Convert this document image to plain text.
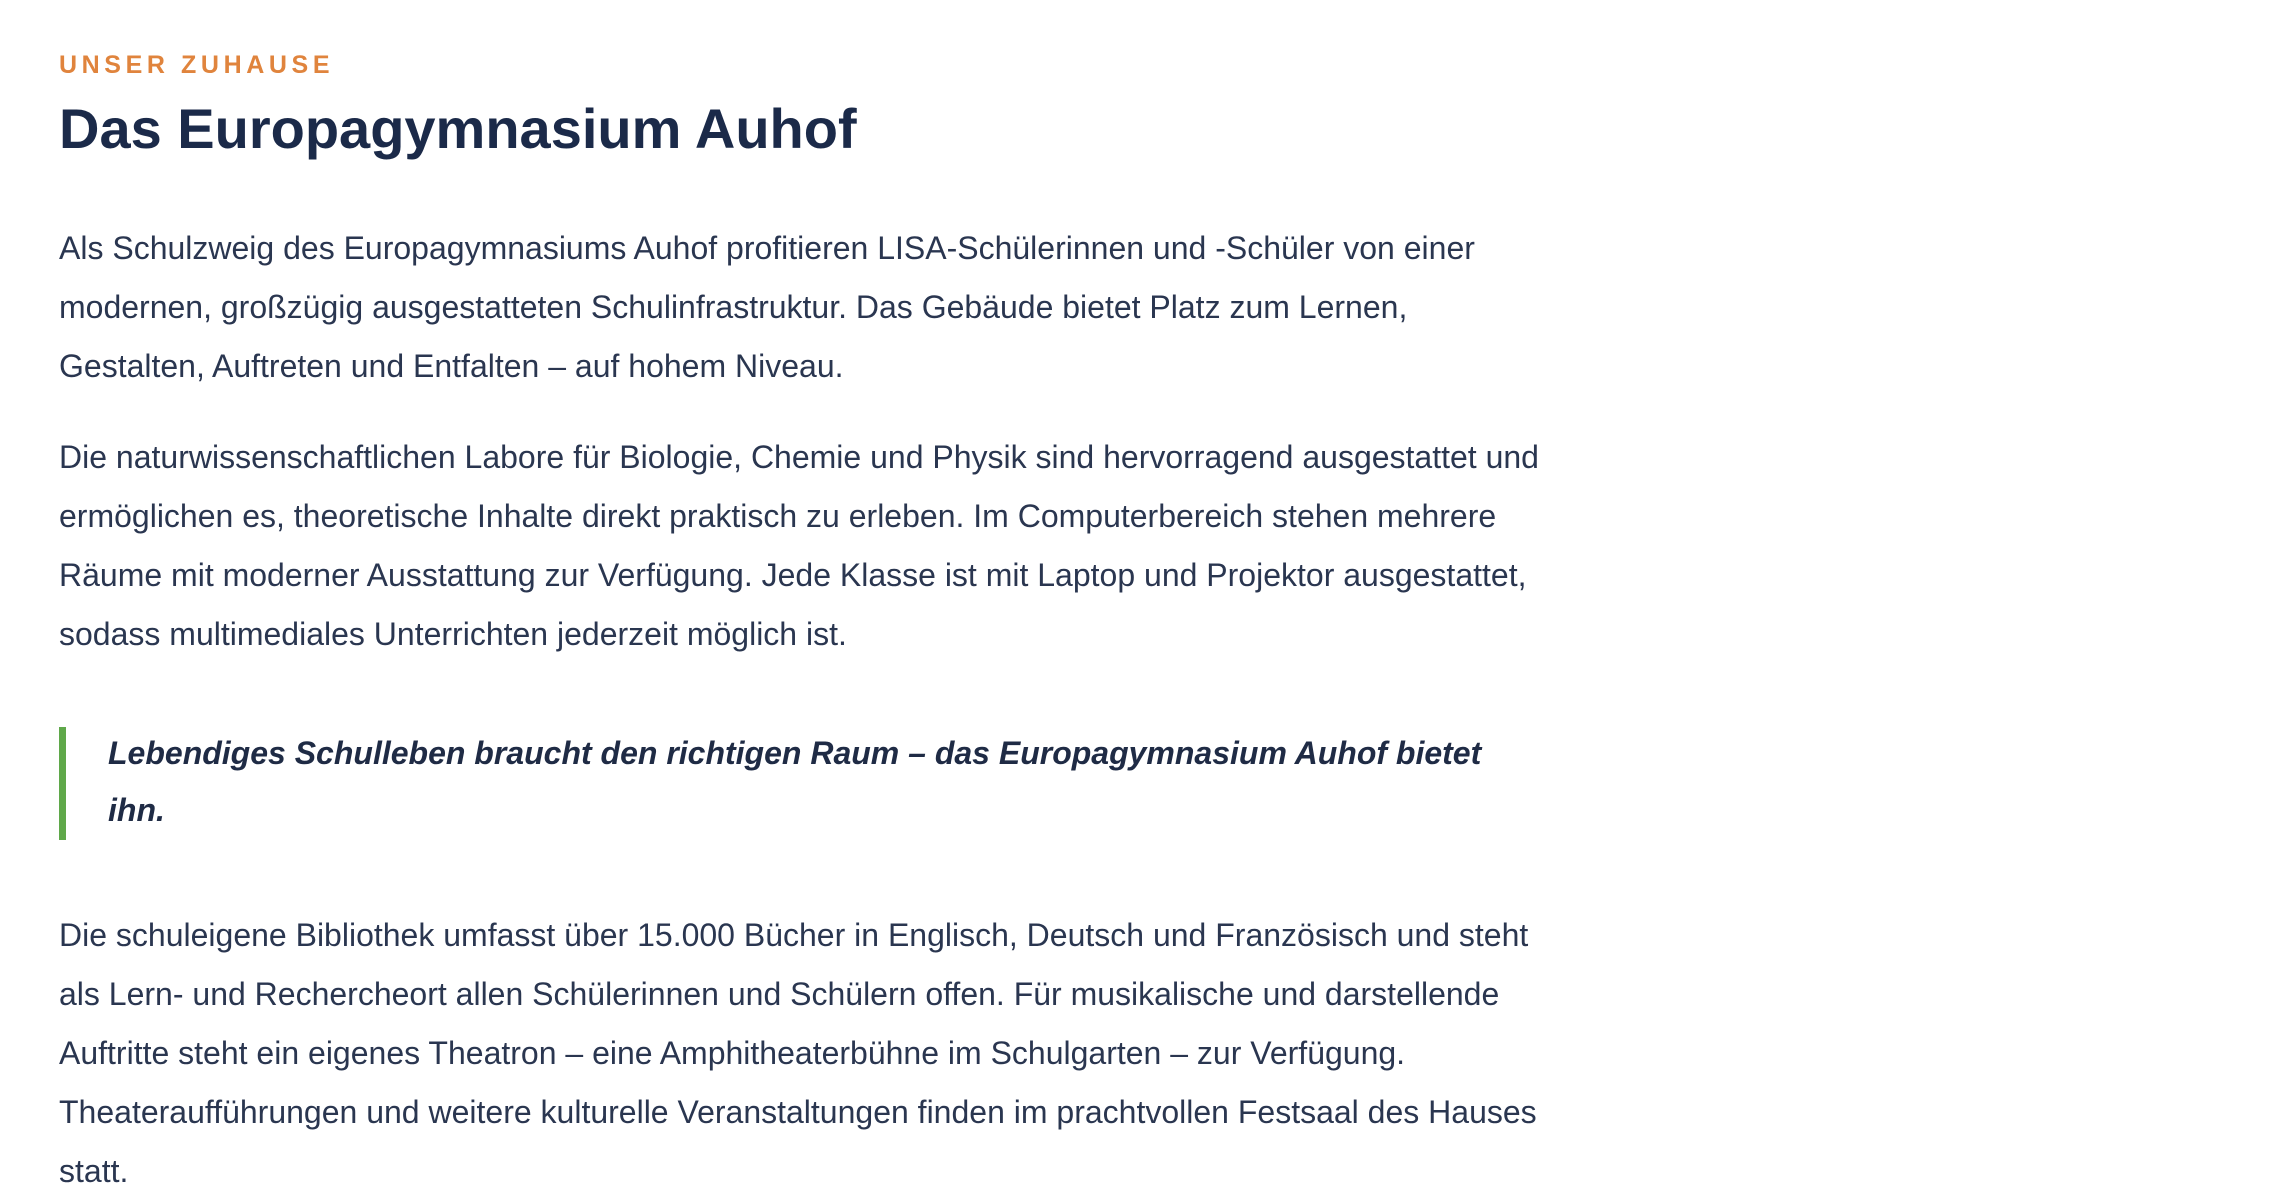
UNSER ZUHAUSE
Das Europagymnasium Auhof

Als Schulzweig des Europagymnasiums Auhof profitieren LISA-Schülerinnen und -Schüler von einer
modernen, großzügig ausgestatteten Schulinfrastruktur. Das Gebäude bietet Platz zum Lernen,
Gestalten, Auftreten und Entfalten – auf hohem Niveau.

Die naturwissenschaftlichen Labore für Biologie, Chemie und Physik sind hervorragend ausgestattet und
ermöglichen es, theoretische Inhalte direkt praktisch zu erleben. Im Computerbereich stehen mehrere
Räume mit moderner Ausstattung zur Verfügung. Jede Klasse ist mit Laptop und Projektor ausgestattet,
sodass multimediales Unterrichten jederzeit möglich ist.

Lebendiges Schulleben braucht den richtigen Raum – das Europagymnasium Auhof bietet
ihn.

Die schuleigene Bibliothek umfasst über 15.000 Bücher in Englisch, Deutsch und Französisch und steht
als Lern- und Rechercheort allen Schülerinnen und Schülern offen. Für musikalische und darstellende
Auftritte steht ein eigenes Theatron – eine Amphitheaterbühne im Schulgarten – zur Verfügung.
Theateraufführungen und weitere kulturelle Veranstaltungen finden im prachtvollen Festsaal des Hauses
statt.
